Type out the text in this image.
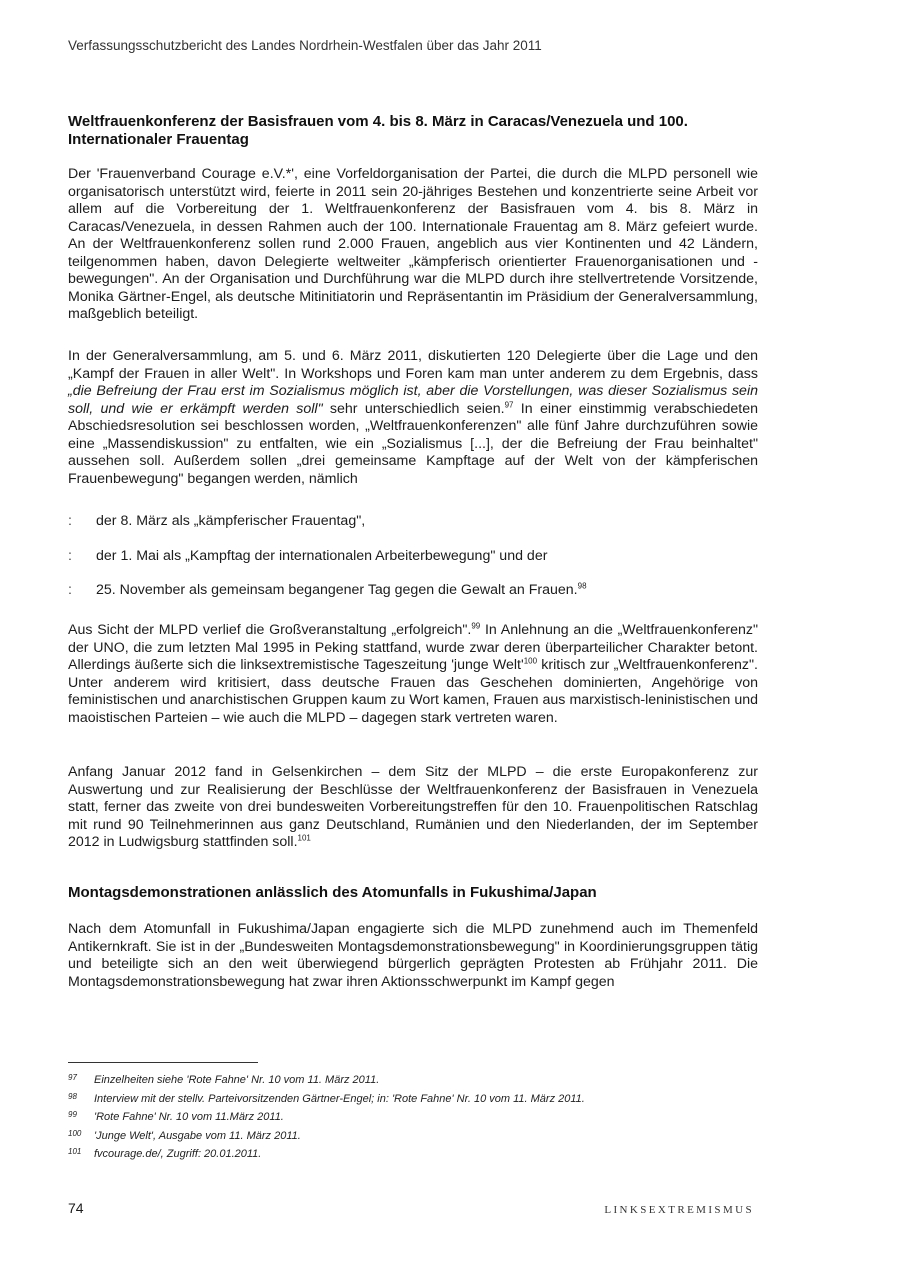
Verfassungsschutzbericht des Landes Nordrhein-Westfalen über das Jahr 2011
Weltfrauenkonferenz der Basisfrauen vom 4. bis 8. März in Caracas/Venezuela und 100. Internationaler Frauentag

Der 'Frauenverband Courage e.V.*', eine Vorfeldorganisation der Partei, die durch die MLPD personell wie organisatorisch unterstützt wird, feierte in 2011 sein 20-jähriges Bestehen und konzentrierte seine Arbeit vor allem auf die Vorbereitung der 1. Weltfrauenkonferenz der Basisfrauen vom 4. bis 8. März in Caracas/Venezuela, in dessen Rahmen auch der 100. Internationale Frauentag am 8. März gefeiert wurde. An der Weltfrauenkonferenz sollen rund 2.000 Frauen, angeblich aus vier Kontinenten und 42 Ländern, teilgenommen haben, davon Delegierte weltweiter „kämpferisch orientierter Frauenorganisationen und -bewegungen". An der Organisation und Durchführung war die MLPD durch ihre stellvertretende Vorsitzende, Monika Gärtner-Engel, als deutsche Mitinitiatorin und Repräsentantin im Präsidium der Generalversammlung, maßgeblich beteiligt.

In der Generalversammlung, am 5. und 6. März 2011, diskutierten 120 Delegierte über die Lage und den „Kampf der Frauen in aller Welt". In Workshops und Foren kam man unter anderem zu dem Ergebnis, dass „die Befreiung der Frau erst im Sozialismus möglich ist, aber die Vorstellungen, was dieser Sozialismus sein soll, und wie er erkämpft werden soll" sehr unterschiedlich seien.$^{97}$ In einer einstimmig verabschiedeten Abschiedsresolution sei beschlossen worden, „Weltfrauenkonferenzen" alle fünf Jahre durchzuführen sowie eine „Massendiskussion" zu entfalten, wie ein „Sozialismus [...], der die Befreiung der Frau beinhaltet" aussehen soll. Außerdem sollen „drei gemeinsame Kampftage auf der Welt von der kämpferischen Frauenbewegung" begangen werden, nämlich

: der 8. März als „kämpferischer Frauentag",
: der 1. Mai als „Kampftag der internationalen Arbeiterbewegung" und der
: 25. November als gemeinsam begangener Tag gegen die Gewalt an Frauen.$^{98}$

Aus Sicht der MLPD verlief die Großveranstaltung „erfolgreich".$^{99}$ In Anlehnung an die „Weltfrauenkonferenz" der UNO, die zum letzten Mal 1995 in Peking stattfand, wurde zwar deren überparteilicher Charakter betont. Allerdings äußerte sich die linksextremistische Tageszeitung 'junge $Welt'^{100}$ kritisch zur „Weltfrauenkonferenz". Unter anderem wird kritisiert, dass deutsche Frauen das Geschehen dominierten, Angehörige von feministischen und anarchistischen Gruppen kaum zu Wort kamen, Frauen aus marxistisch-leninistischen und maoistischen Parteien – wie auch die MLPD – dagegen stark vertreten waren.

Anfang Januar 2012 fand in Gelsenkirchen – dem Sitz der MLPD – die erste Europakonferenz zur Auswertung und zur Realisierung der Beschlüsse der Weltfrauenkonferenz der Basisfrauen in Venezuela statt, ferner das zweite von drei bundesweiten Vorbereitungstreffen für den 10. Frauenpolitischen Ratschlag mit rund 90 Teilnehmerinnen aus ganz Deutschland, Rumänien und den Niederlanden, der im September 2012 in Ludwigsburg stattfinden soll.$^{101}$

Montagsdemonstrationen anlässlich des Atomunfalls in Fukushima/Japan

Nach dem Atomunfall in Fukushima/Japan engagierte sich die MLPD zunehmend auch im Themenfeld Antikernkraft. Sie ist in der „Bundesweiten Montagsdemonstrationsbewegung" in Koordinierungsgruppen tätig und beteiligte sich an den weit überwiegend bürgerlich geprägten Protesten ab Frühjahr 2011. Die Montagsdemonstrationsbewegung hat zwar ihren Aktionsschwerpunkt im Kampf gegen

97 Einzelheiten siehe 'Rote Fahne' Nr. 10 vom 11. März 2011.
98 Interview mit der stellv. Parteivorsitzenden Gärtner-Engel; in: 'Rote Fahne' Nr. 10 vom 11. März 2011.
99 'Rote Fahne' Nr. 10 vom 11.März 2011.
100 'Junge Welt', Ausgabe vom 11. März 2011.
101 fvcourage.de/, Zugriff: 20.01.2011.
74	LINKSEXTREMISMUS
